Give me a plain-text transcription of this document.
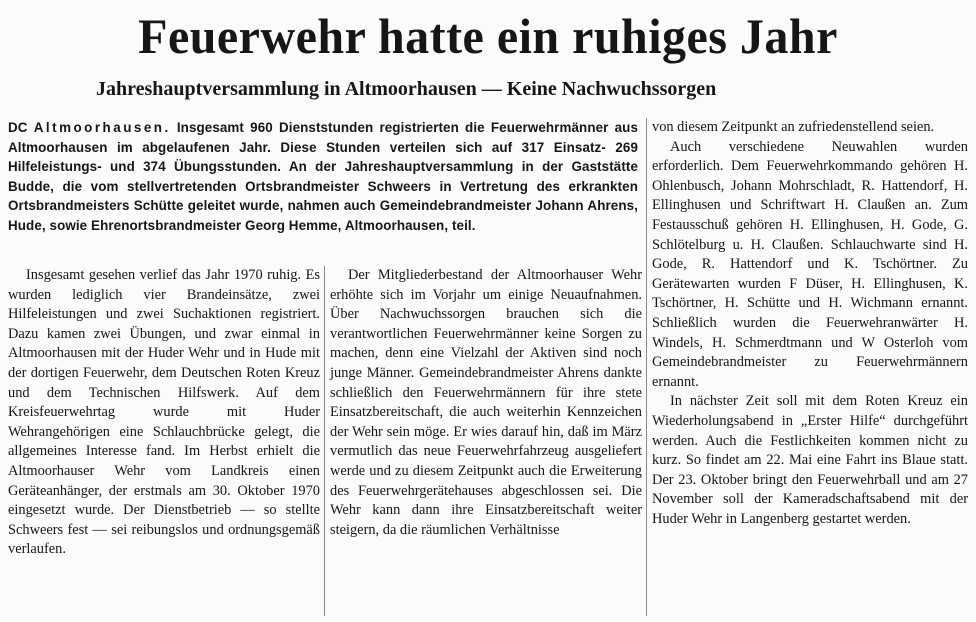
Feuerwehr hatte ein ruhiges Jahr
Jahreshauptversammlung in Altmoorhausen — Keine Nachwuchssorgen

DC Altmoorhausen. Insgesamt 960 Dienststunden registrierten die Feuerwehrmänner aus Altmoorhausen im abgelaufenen Jahr. Diese Stunden verteilen sich auf 317 Einsatz- 269 Hilfeleistungs- und 374 Übungsstunden. An der Jahreshauptversammlung in der Gaststätte Budde, die vom stellvertretenden Ortsbrandmeister Schweers in Vertretung des erkrankten Ortsbrandmeisters Schütte geleitet wurde, nahmen auch Gemeindebrandmeister Johann Ahrens, Hude, sowie Ehrenortsbrandmeister Georg Hemme, Altmoorhausen, teil.

Insgesamt gesehen verlief das Jahr 1970 ruhig. Es wurden lediglich vier Brandeinsätze, zwei Hilfeleistungen und zwei Suchaktionen registriert. Dazu kamen zwei Übungen, und zwar einmal in Altmoorhausen mit der Huder Wehr und in Hude mit der dortigen Feuerwehr, dem Deutschen Roten Kreuz und dem Technischen Hilfswerk. Auf dem Kreisfeuerwehrtag wurde mit Huder Wehrangehörigen eine Schlauchbrücke gelegt, die allgemeines Interesse fand. Im Herbst erhielt die Altmoorhauser Wehr vom Landkreis einen Geräteanhänger, der erstmals am 30. Oktober 1970 eingesetzt wurde. Der Dienstbetrieb — so stellte Schweers fest — sei reibungslos und ordnungsgemäß verlaufen.

Der Mitgliederbestand der Altmoorhauser Wehr erhöhte sich im Vorjahr um einige Neuaufnahmen. Über Nachwuchssorgen brauchen sich die verantwortlichen Feuerwehrmänner keine Sorgen zu machen, denn eine Vielzahl der Aktiven sind noch junge Männer. Gemeindebrandmeister Ahrens dankte schließlich den Feuerwehrmännern für ihre stete Einsatzbereitschaft, die auch weiterhin Kennzeichen der Wehr sein möge. Er wies darauf hin, daß im März vermutlich das neue Feuerwehrfahrzeug ausgeliefert werde und zu diesem Zeitpunkt auch die Erweiterung des Feuerwehrgerätehauses abgeschlossen sei. Die Wehr kann dann ihre Einsatzbereitschaft weiter steigern, da die räumlichen Verhältnisse

von diesem Zeitpunkt an zufriedenstellend seien.

Auch verschiedene Neuwahlen wurden erforderlich. Dem Feuerwehrkommando gehören H. Ohlenbusch, Johann Mohrschladt, R. Hattendorf, H. Ellinghusen und Schriftwart H. Claußen an. Zum Festausschuß gehören H. Ellinghusen, H. Gode, G. Schlötelburg u. H. Claußen. Schlauchwarte sind H. Gode, R. Hattendorf und K. Tschörtner. Zu Gerätewarten wurden F Düser, H. Ellinghusen, K. Tschörtner, H. Schütte und H. Wichmann ernannt. Schließlich wurden die Feuerwehranwärter H. Windels, H. Schmerdtmann und W Osterloh vom Gemeindebrandmeister zu Feuerwehrmännern ernannt.

In nächster Zeit soll mit dem Roten Kreuz ein Wiederholungsabend in „Erster Hilfe“ durchgeführt werden. Auch die Festlichkeiten kommen nicht zu kurz. So findet am 22. Mai eine Fahrt ins Blaue statt. Der 23. Oktober bringt den Feuerwehrball und am 27 November soll der Kameradschaftsabend mit der Huder Wehr in Langenberg gestartet werden.
